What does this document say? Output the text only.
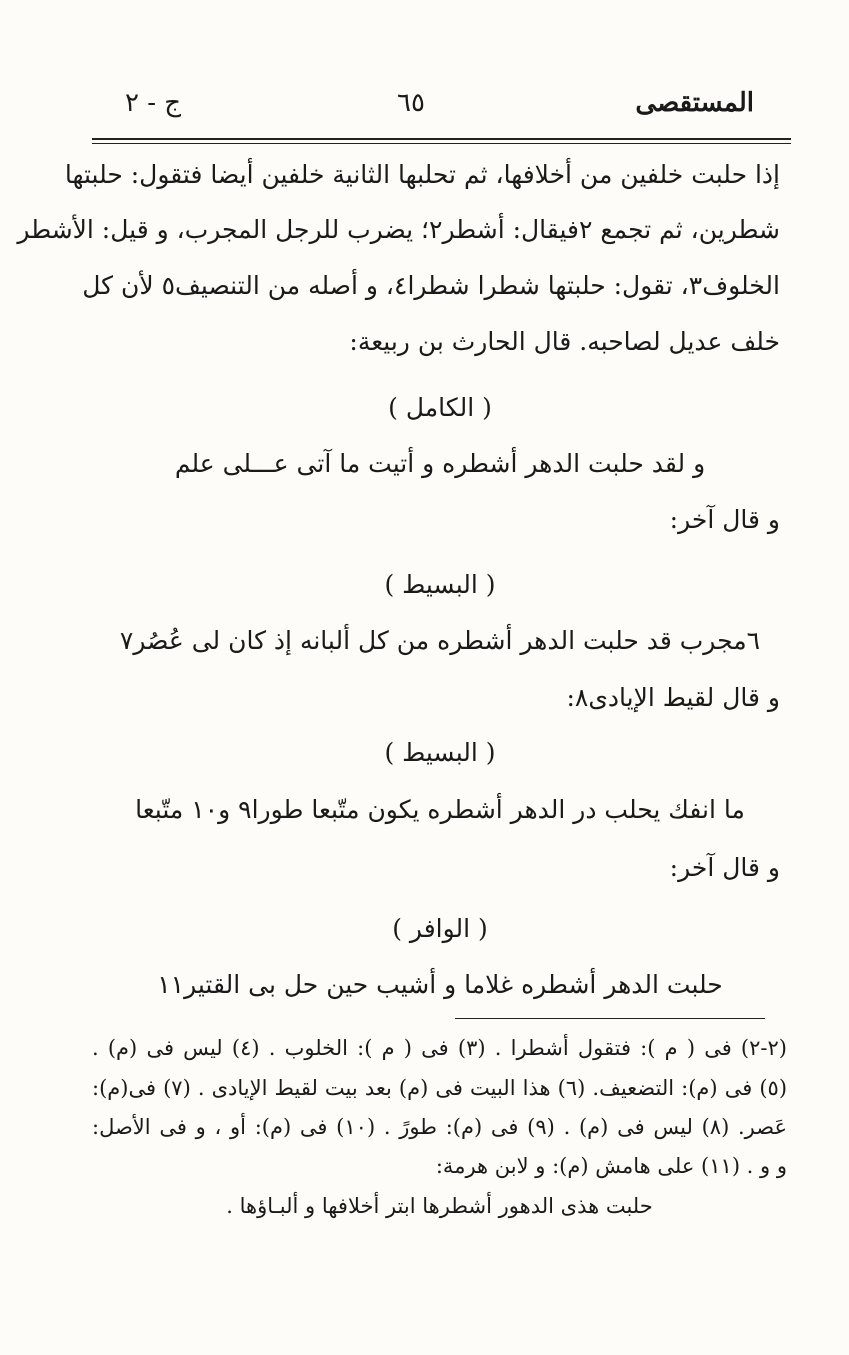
ج - ٢	٦٥	المستقصى
إذا حلبت خلفين من أخلافها، ثم تحلبها الثانية خلفين أيضا فتقول: حلبتها
شطرين، ثم تجمع ٢فيقال: أشطر٢؛ يضرب للرجل المجرب، و قيل: الأشطر
الخلوف٣، تقول: حلبتها شطرا شطرا٤، و أصله من التنصيف٥ لأن كل
خلف عديل لصاحبه. قال الحارث بن ربيعة:
( الكامل )
و لقد حلبت الدهر أشطره و أتيت ما آتى عـــلى علم
و قال آخر:
( البسيط )
٦مجرب قد حلبت الدهر أشطره من كل ألبانه إذ كان لى عُصُر٧
و قال لقيط الإيادى٨:
( البسيط )
ما انفك يحلب در الدهر أشطره يكون متّبعا طورا٩ و١٠ متّبعا
و قال آخر:
( الوافر )
حلبت الدهر أشطره غلاما و أشيب حين حل بى القتير١١
(٢-٢) فى ( م ): فتقول أشطرا . (٣) فى ( م ): الخلوب . (٤) ليس فى (م) .
(٥) فى (م): التضعيف. (٦) هذا البيت فى (م) بعد بيت لقيط الإيادى . (٧) فى(م):
عَصر. (٨) ليس فى (م) . (٩) فى (م): طورً . (١٠) فى (م): أو ، و فى الأصل:
و و . (١١) على هامش (م): و لابن هرمة:
حلبت هذى الدهور أشطرها ابتر أخلافها و ألبـاؤها .
